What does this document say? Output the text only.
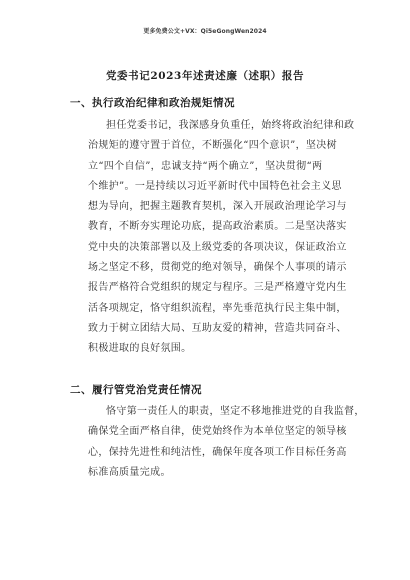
更多免费公文+VX：Qi5eGongWen2024
党委书记2023年述责述廉（述职）报告
一、执行政治纪律和政治规矩情况
担任党委书记，我深感身负重任，始终将政治纪律和政
治规矩的遵守置于首位，不断强化“四个意识”，坚决树
立“四个自信”，忠诚支持“两个确立”，坚决贯彻“两
个维护”。一是持续以习近平新时代中国特色社会主义思
想为导向，把握主题教育契机，深入开展政治理论学习与
教育，不断夯实理论功底，提高政治素质。二是坚决落实
党中央的决策部署以及上级党委的各项决议，保证政治立
场之坚定不移，贯彻党的绝对领导，确保个人事项的请示
报告严格符合党组织的规定与程序。三是严格遵守党内生
活各项规定，恪守组织流程，率先垂范执行民主集中制，
致力于树立团结大局、互助友爱的精神，营造共同奋斗、
积极进取的良好氛围。
二、履行管党治党责任情况
恪守第一责任人的职责，坚定不移地推进党的自我监督，
确保党全面严格自律，使党始终作为本单位坚定的领导核
心，保持先进性和纯洁性，确保年度各项工作目标任务高
标准高质量完成。
